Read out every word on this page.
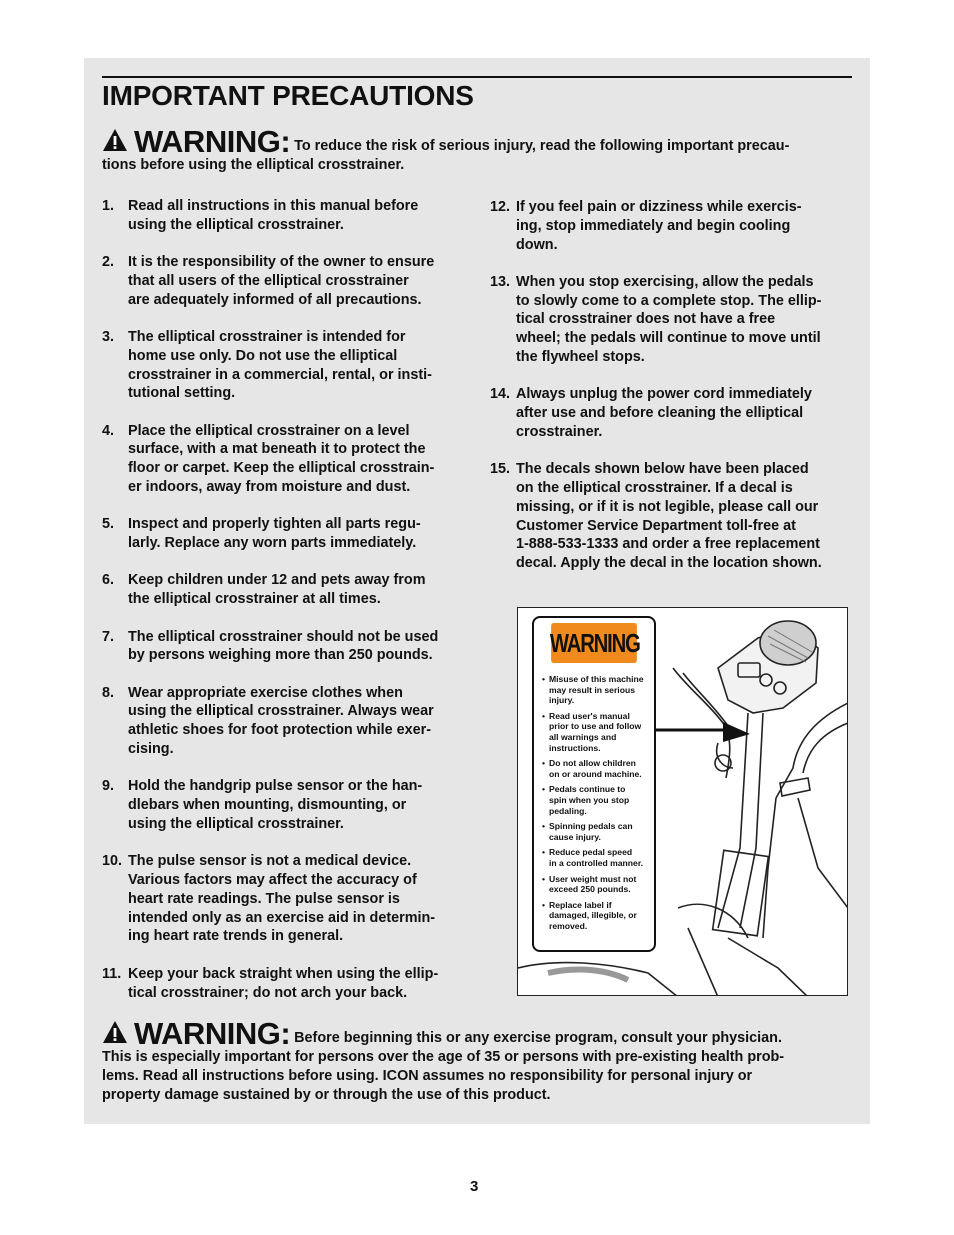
IMPORTANT PRECAUTIONS
WARNING: To reduce the risk of serious injury, read the following important precau-
tions before using the elliptical crosstrainer.
1. Read all instructions in this manual before
using the elliptical crosstrainer.
2. It is the responsibility of the owner to ensure
that all users of the elliptical crosstrainer
are adequately informed of all precautions.
3. The elliptical crosstrainer is intended for
home use only. Do not use the elliptical
crosstrainer in a commercial, rental, or insti-
tutional setting.
4. Place the elliptical crosstrainer on a level
surface, with a mat beneath it to protect the
floor or carpet. Keep the elliptical crosstrain-
er indoors, away from moisture and dust.
5. Inspect and properly tighten all parts regu-
larly. Replace any worn parts immediately.
6. Keep children under 12 and pets away from
the elliptical crosstrainer at all times.
7. The elliptical crosstrainer should not be used
by persons weighing more than 250 pounds.
8. Wear appropriate exercise clothes when
using the elliptical crosstrainer. Always wear
athletic shoes for foot protection while exer-
cising.
9. Hold the handgrip pulse sensor or the han-
dlebars when mounting, dismounting, or
using the elliptical crosstrainer.
10. The pulse sensor is not a medical device.
Various factors may affect the accuracy of
heart rate readings. The pulse sensor is
intended only as an exercise aid in determin-
ing heart rate trends in general.
11. Keep your back straight when using the ellip-
tical crosstrainer; do not arch your back.
12. If you feel pain or dizziness while exercis-
ing, stop immediately and begin cooling
down.
13. When you stop exercising, allow the pedals
to slowly come to a complete stop. The ellip-
tical crosstrainer does not have a free
wheel; the pedals will continue to move until
the flywheel stops.
14. Always unplug the power cord immediately
after use and before cleaning the elliptical
crosstrainer.
15. The decals shown below have been placed
on the elliptical crosstrainer. If a decal is
missing, or if it is not legible, please call our
Customer Service Department toll-free at
1-888-533-1333 and order a free replacement
decal. Apply the decal in the location shown.
WARNING
• Misuse of this machine
may result in serious
injury.
• Read user's manual
prior to use and follow
all warnings and
instructions.
• Do not allow children
on or around machine.
• Pedals continue to
spin when you stop
pedaling.
• Spinning pedals can
cause injury.
• Reduce pedal speed
in a controlled manner.
• User weight must not
exceed 250 pounds.
• Replace label if
damaged, illegible, or
removed.
WARNING: Before beginning this or any exercise program, consult your physician.
This is especially important for persons over the age of 35 or persons with pre-existing health prob-
lems. Read all instructions before using. ICON assumes no responsibility for personal injury or
property damage sustained by or through the use of this product.
3
